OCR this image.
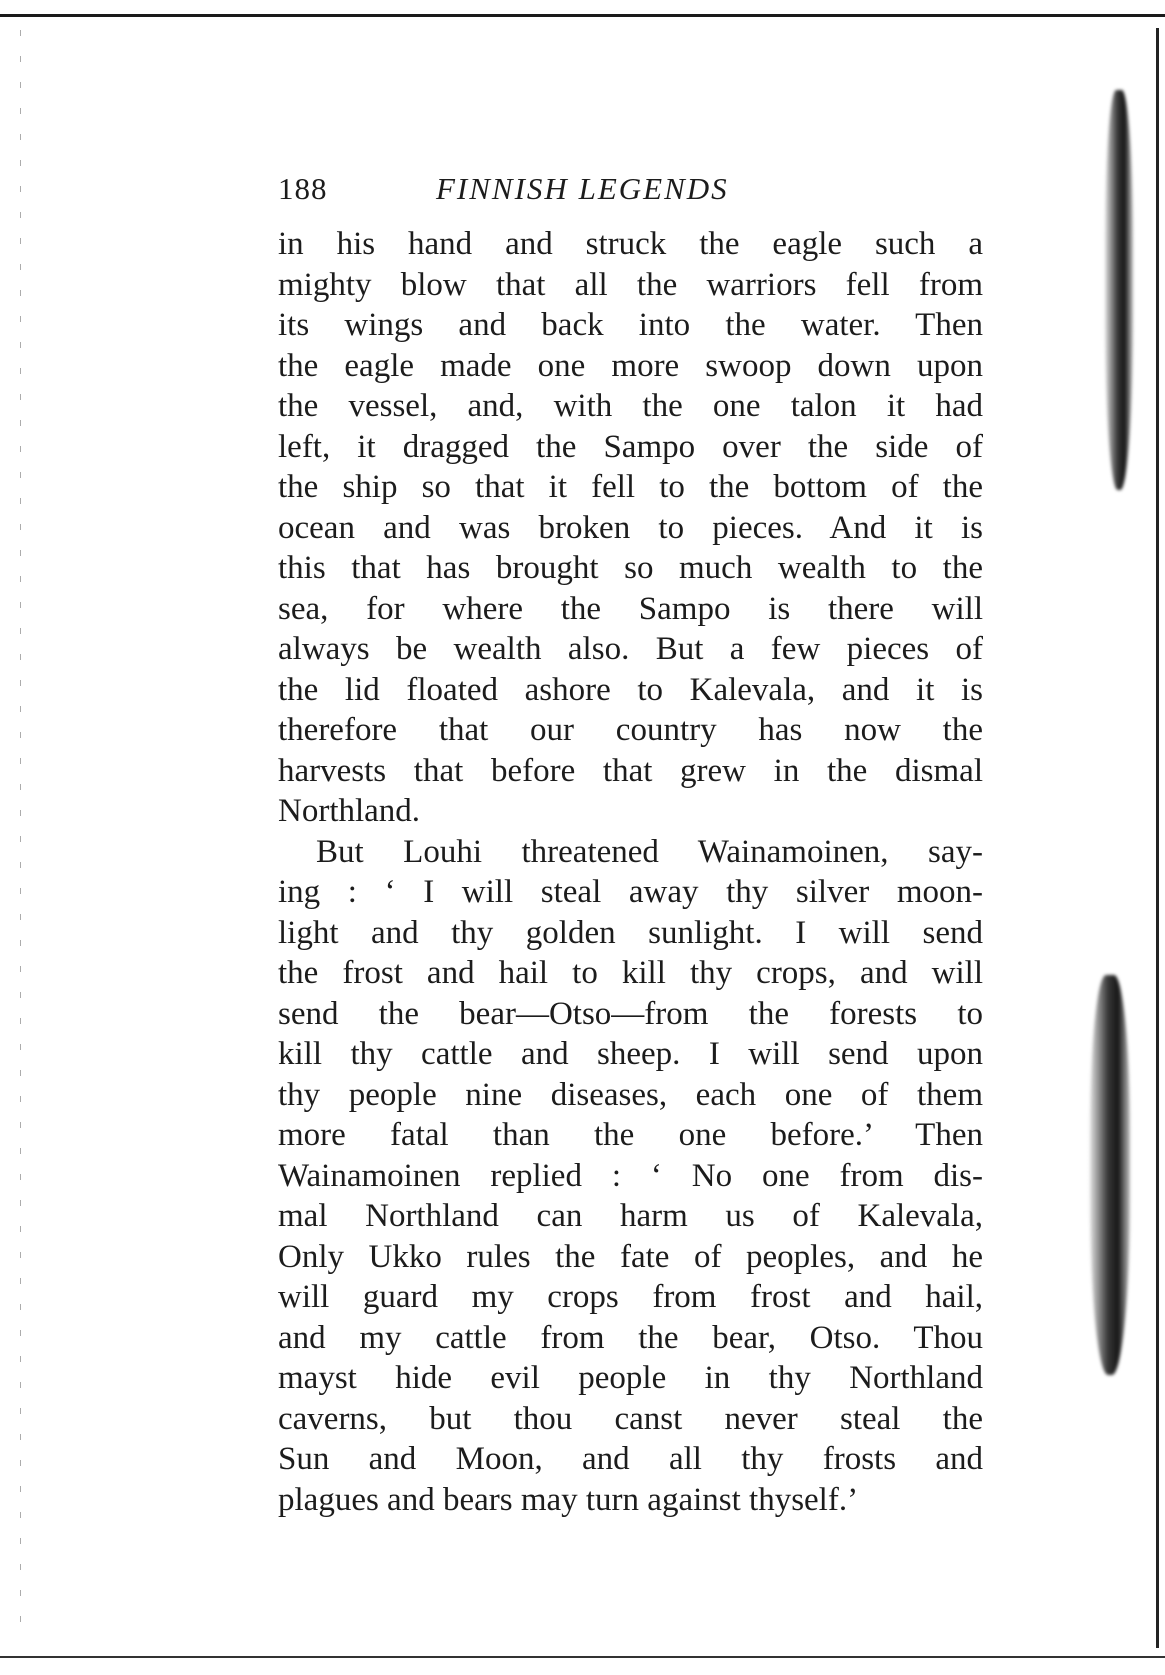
188	FINNISH LEGENDS
in his hand and struck the eagle such a
mighty blow that all the warriors fell from
its wings and back into the water. Then
the eagle made one more swoop down upon
the vessel, and, with the one talon it had
left, it dragged the Sampo over the side of
the ship so that it fell to the bottom of the
ocean and was broken to pieces. And it is
this that has brought so much wealth to the
sea, for where the Sampo is there will
always be wealth also. But a few pieces of
the lid floated ashore to Kalevala, and it is
therefore that our country has now the
harvests that before that grew in the dismal
Northland.
But Louhi threatened Wainamoinen, say-
ing : ‘ I will steal away thy silver moon-
light and thy golden sunlight. I will send
the frost and hail to kill thy crops, and will
send the bear—Otso—from the forests to
kill thy cattle and sheep. I will send upon
thy people nine diseases, each one of them
more fatal than the one before.’ Then
Wainamoinen replied : ‘ No one from dis-
mal Northland can harm us of Kalevala,
Only Ukko rules the fate of peoples, and he
will guard my crops from frost and hail,
and my cattle from the bear, Otso. Thou
mayst hide evil people in thy Northland
caverns, but thou canst never steal the
Sun and Moon, and all thy frosts and
plagues and bears may turn against thyself.’
